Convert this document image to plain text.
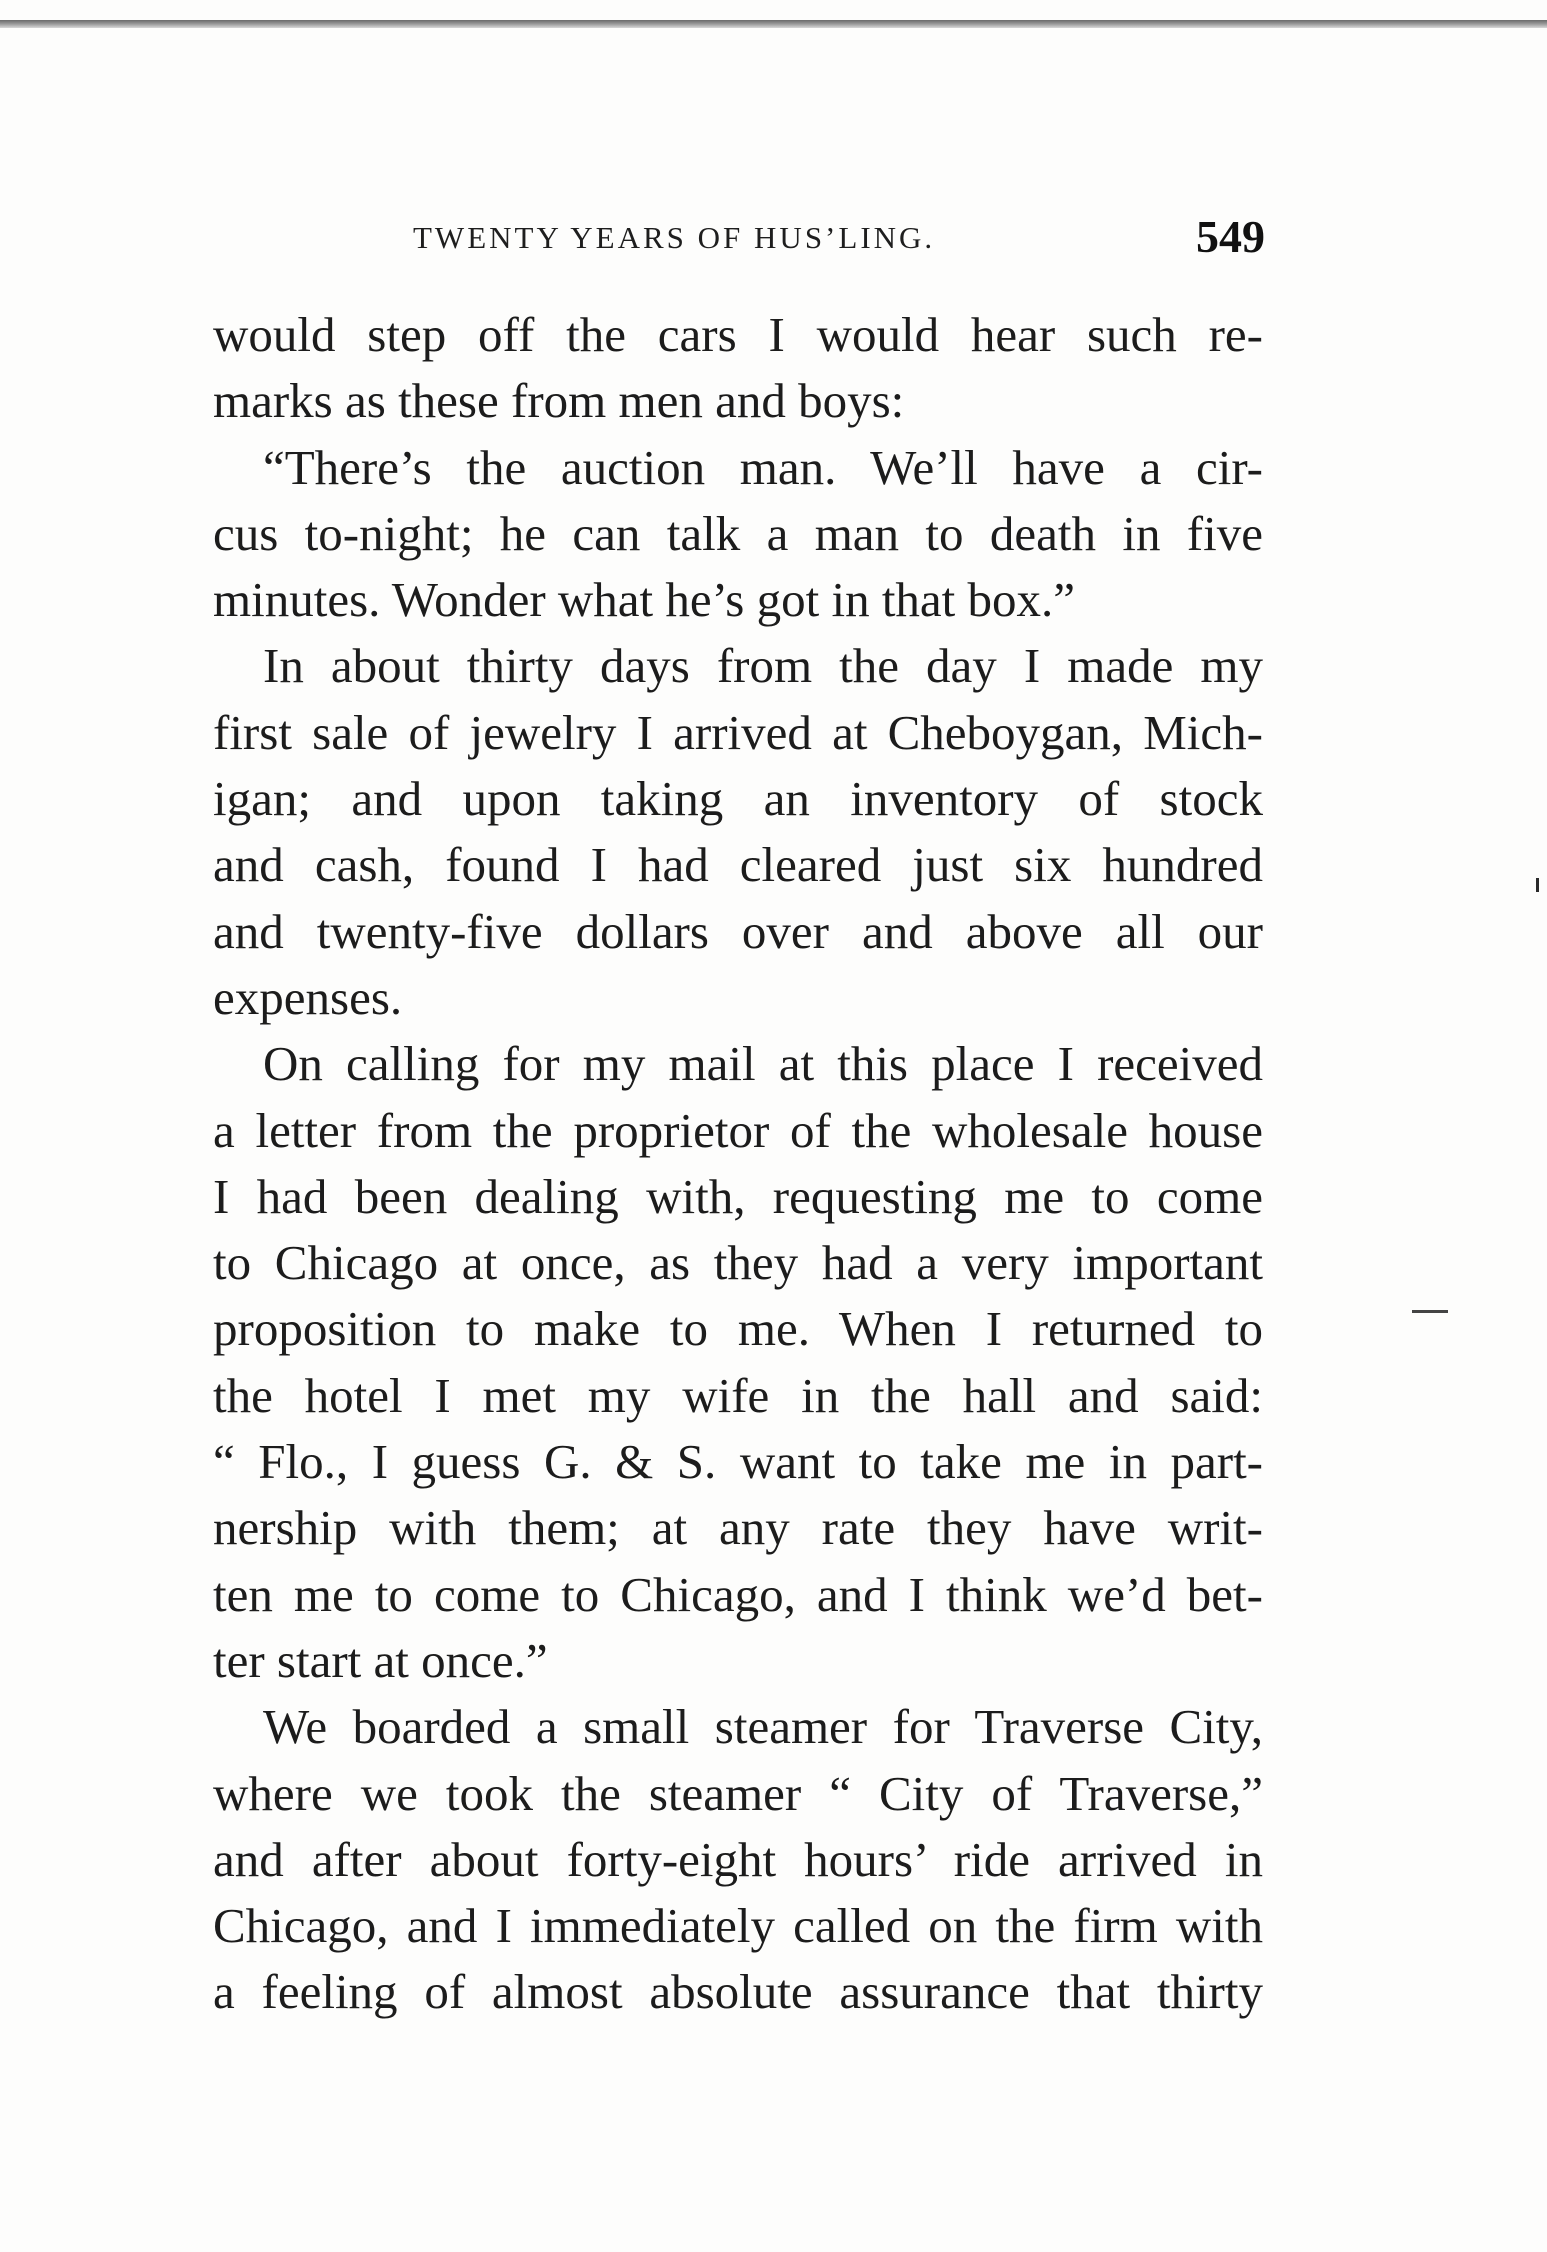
TWENTY YEARS OF HUS’LING.	549
would step off the cars I would hear such re-
marks as these from men and boys:
“There’s the auction man. We’ll have a cir-
cus to-night; he can talk a man to death in five
minutes. Wonder what he’s got in that box.”
In about thirty days from the day I made my
first sale of jewelry I arrived at Cheboygan, Mich-
igan; and upon taking an inventory of stock
and cash, found I had cleared just six hundred
and twenty-five dollars over and above all our
expenses.
On calling for my mail at this place I received
a letter from the proprietor of the wholesale house
I had been dealing with, requesting me to come
to Chicago at once, as they had a very important
proposition to make to me. When I returned to
the hotel I met my wife in the hall and said:
“ Flo., I guess G. & S. want to take me in part-
nership with them; at any rate they have writ-
ten me to come to Chicago, and I think we’d bet-
ter start at once.”
We boarded a small steamer for Traverse City,
where we took the steamer “ City of Traverse,”
and after about forty-eight hours’ ride arrived in
Chicago, and I immediately called on the firm with
a feeling of almost absolute assurance that thirty
